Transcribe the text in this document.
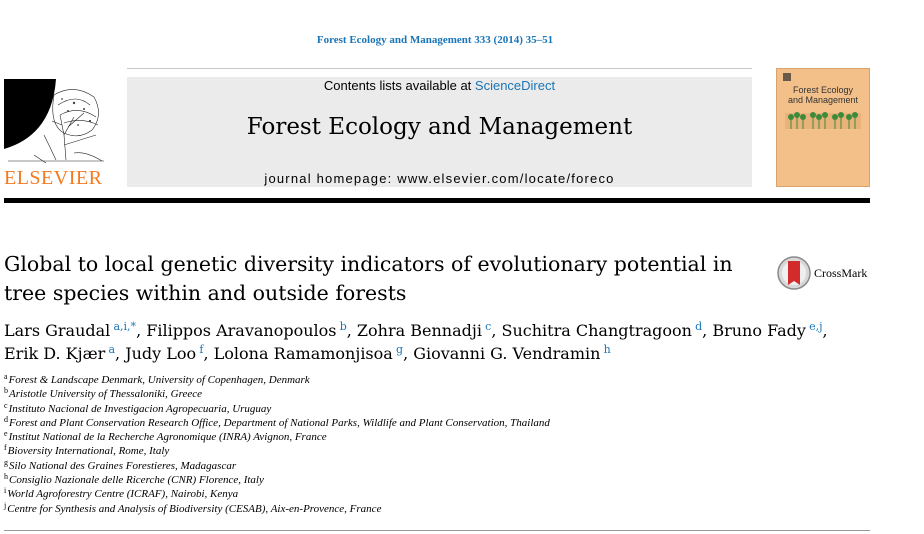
Forest Ecology and Management 333 (2014) 35–51
ELSEVIER
Contents lists available at ScienceDirect
Forest Ecology and Management
journal homepage: www.elsevier.com/locate/foreco
Forest Ecology
and Management
Global to local genetic diversity indicators of evolutionary potential in
tree species within and outside forests
CrossMark
Lars Graudal  $^{a,i,*}$, Filippos Aravanopoulos  $^b$, Zohra Bennadji  $^c$, Suchitra Changtragoon  $^d$, Bruno Fady  $^{e,j}$,
Erik D. Kjær  $^a$, Judy Loo  $^f$, Lolona Ramamonjisoa  $^g$, Giovanni G. Vendramin  $^h$
$^a$Forest & Landscape Denmark, University of Copenhagen, Denmark
$^b$Aristotle University of Thessaloniki, Greece
$^c$Instituto Nacional de Investigacion Agropecuaria, Uruguay
$^d$Forest and Plant Conservation Research Office, Department of National Parks, Wildlife and Plant Conservation, Thailand
$^e$Institut National de la Recherche Agronomique (INRA) Avignon, France
$^f$Bioversity International, Rome, Italy
$^g$Silo National des Graines Forestieres, Madagascar
$^h$Consiglio Nazionale delle Ricerche (CNR) Florence, Italy
$^i$World Agroforestry Centre (ICRAF), Nairobi, Kenya
$^j$Centre for Synthesis and Analysis of Biodiversity (CESAB), Aix-en-Provence, France
